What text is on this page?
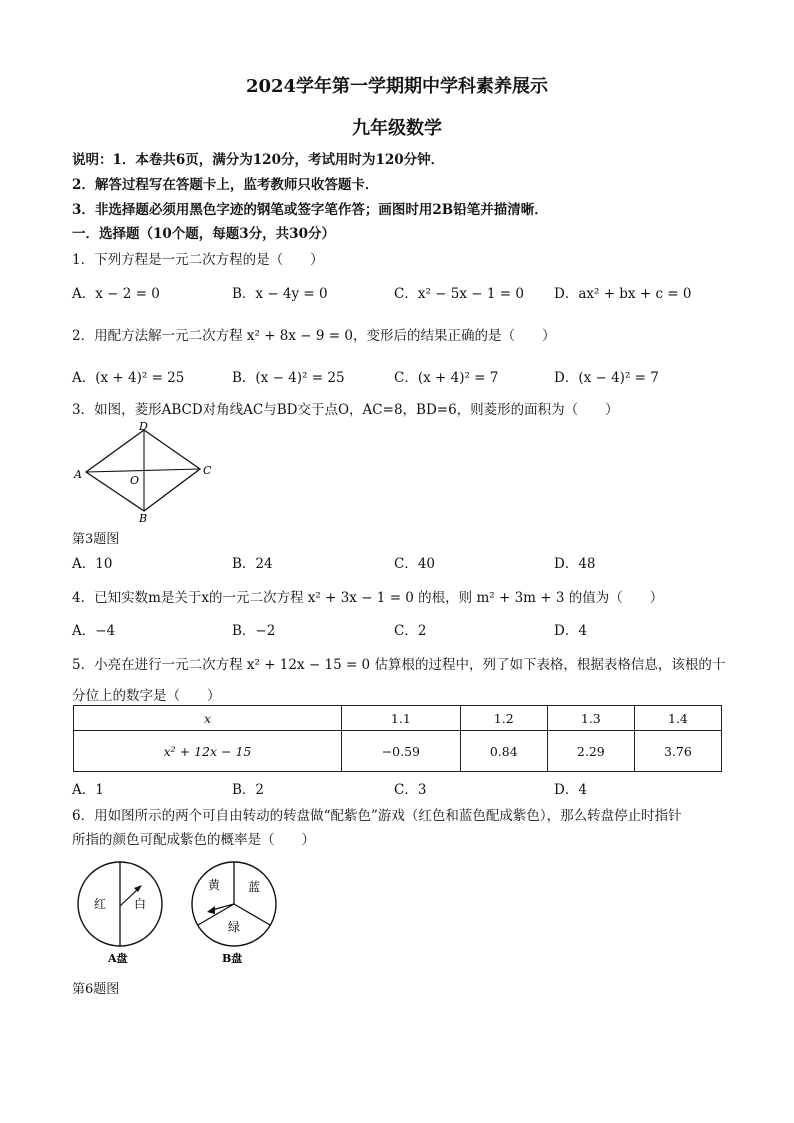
2024学年第一学期期中学科素养展示
九年级数学
说明：1．本卷共6页，满分为120分，考试用时为120分钟．
2．解答过程写在答题卡上，监考教师只收答题卡．
3．非选择题必须用黑色字迹的钢笔或签字笔作答；画图时用2B铅笔并描清晰．
一．选择题（10个题，每题3分，共30分）
1．下列方程是一元二次方程的是（　　）
A．x − 2 = 0	B．x − 4y = 0	C．x² − 5x − 1 = 0 D．ax² + bx + c = 0
2．用配方法解一元二次方程 x² + 8x − 9 = 0，变形后的结果正确的是（　　）
A．(x + 4)² = 25	B．(x − 4)² = 25	C．(x + 4)² = 7	D．(x − 4)² = 7
3．如图，菱形ABCD对角线AC与BD交于点O，AC=8，BD=6，则菱形的面积为（　　）
A
D
C
B
O
第3题图
A．10	B．24	C．40	D．48
4．已知实数m是关于x的一元二次方程 x² + 3x − 1 = 0 的根，则 m² + 3m + 3 的值为（　　）
A．−4	B．−2	C．2	D．4
5．小亮在进行一元二次方程 x² + 12x − 15 = 0 估算根的过程中，列了如下表格，根据表格信息，该根的十
分位上的数字是（　　）
x	1.1	1.2	1.3	1.4
x² + 12x − 15	−0.59	0.84	2.29	3.76
A．1	B．2	C．3	D．4
6．用如图所示的两个可自由转动的转盘做“配紫色”游戏（红色和蓝色配成紫色），那么转盘停止时指针
所指的颜色可配成紫色的概率是（　　）
红 白
A盘
黄 蓝
绿
B盘
第6题图
